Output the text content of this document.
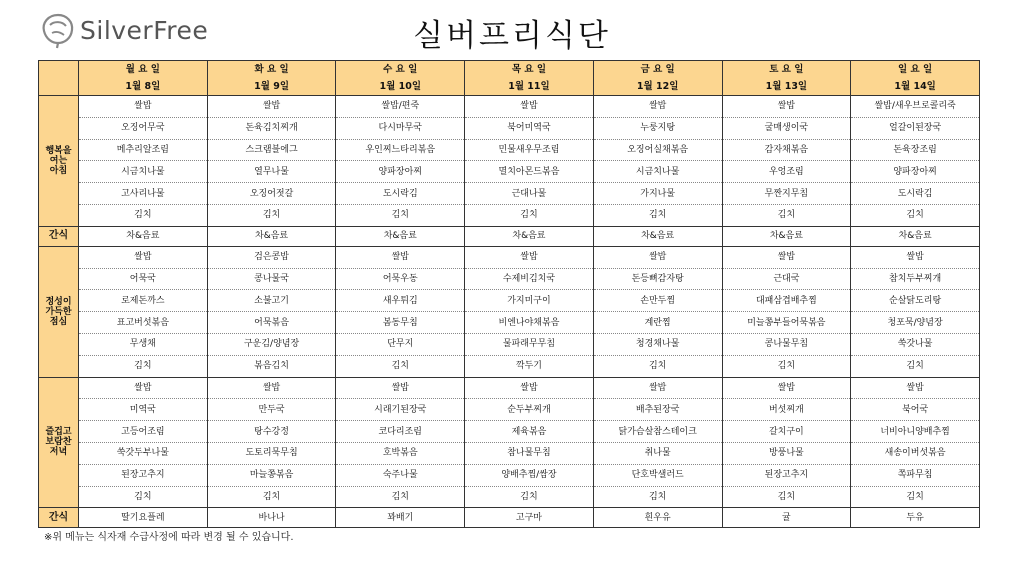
SilverFree	실버프리식단
	월 요 일	화 요 일	수 요 일	목 요 일	금 요 일	토 요 일	일 요 일
	1월 8일	1월 9일	1월 10일	1월 11일	1월 12일	1월 13일	1월 14일

행복을
여는
아침	쌀밥	쌀밥	쌀밥/편죽	쌀밥	쌀밥	쌀밥	쌀밥/새우브로콜리죽
	오징어무국	돈육김치찌개	다시마무국	북어미역국	누룽지탕	굴매생이국	얼갈이된장국
	메추리알조림	스크램블에그	우인찌느타리볶음	민물새우무조림	오징어실채볶음	감자채볶음	돈육장조림
	시금치나물	열무나물	양파장아찌	멸치아몬드볶음	시금치나물	우엉조림	양파장아찌
	고사리나물	오징어젓갈	도시락김	근대나물	가지나물	무짠지무침	도시락김
	김치	김치	김치	김치	김치	김치	김치
간식	차&음료	차&음료	차&음료	차&음료	차&음료	차&음료	차&음료

정성이
가득한
점심	쌀밥	검은콩밥	쌀밥	쌀밥	쌀밥	쌀밥	쌀밥
	어묵국	콩나물국	어묵우동	수제비김치국	돈등뼈감자탕	근대국	참치두부찌개
	로제돈까스	소불고기	새우튀김	가지미구이	손만두찜	대패삼겹배추찜	순살닭도리탕
	표고버섯볶음	어묵볶음	봄동무침	비엔나야채볶음	계란찜	미늘쫑부들어묵볶음	청포묵/양념장
	무생채	구운김/양념장	단무지	물파래무무침	청경채나물	콩나물무침	쑥갓나물
	김치	볶음김치	김치	깍두기	김치	김치	김치

즐겁고
보람찬
저녁	쌀밥	쌀밥	쌀밥	쌀밥	쌀밥	쌀밥	쌀밥
	미역국	만두국	시래기된장국	순두부찌개	배추된장국	버섯찌개	북어국
	고등어조림	탕수강정	코다리조림	제육볶음	닭가슴살참스테이크	갈치구이	너비아니양배추찜
	쑥갓두부나물	도토리묵무침	호박볶음	참나물무침	취나물	방풍나물	새송이버섯볶음
	된장고추지	마늘쫑볶음	숙주나물	양배추찜/쌈장	단호박샐러드	된장고추지	쪽파무침
	김치	김치	김치	김치	김치	김치	김치
간식	딸기요플레	바나나	꽈배기	고구마	흰우유	귤	두유
※위 메뉴는 식자재 수급사정에 따라 변경 될 수 있습니다.
